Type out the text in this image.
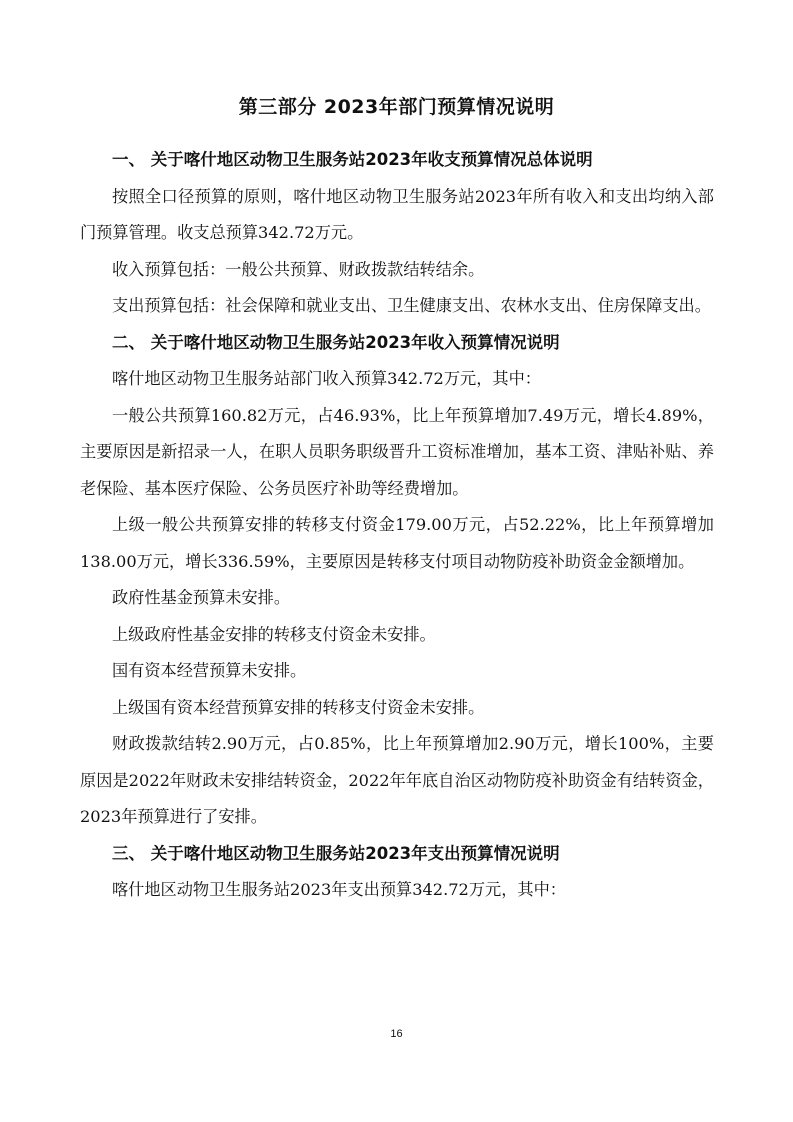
第三部分 2023年部门预算情况说明

一、 关于喀什地区动物卫生服务站2023年收支预算情况总体说明

按照全口径预算的原则，喀什地区动物卫生服务站2023年所有收入和支出均纳入部门预算管理。收支总预算342.72万元。

收入预算包括：一般公共预算、财政拨款结转结余。

支出预算包括：社会保障和就业支出、卫生健康支出、农林水支出、住房保障支出。

二、 关于喀什地区动物卫生服务站2023年收入预算情况说明

喀什地区动物卫生服务站部门收入预算342.72万元，其中：

一般公共预算160.82万元，占46.93%，比上年预算增加7.49万元，增长4.89%，主要原因是新招录一人，在职人员职务职级晋升工资标准增加，基本工资、津贴补贴、养老保险、基本医疗保险、公务员医疗补助等经费增加。

上级一般公共预算安排的转移支付资金179.00万元，占52.22%，比上年预算增加138.00万元，增长336.59%，主要原因是转移支付项目动物防疫补助资金金额增加。

政府性基金预算未安排。

上级政府性基金安排的转移支付资金未安排。

国有资本经营预算未安排。

上级国有资本经营预算安排的转移支付资金未安排。

财政拨款结转2.90万元，占0.85%，比上年预算增加2.90万元，增长100%，主要原因是2022年财政未安排结转资金，2022年年底自治区动物防疫补助资金有结转资金，2023年预算进行了安排。

三、 关于喀什地区动物卫生服务站2023年支出预算情况说明

喀什地区动物卫生服务站2023年支出预算342.72万元，其中：

16
